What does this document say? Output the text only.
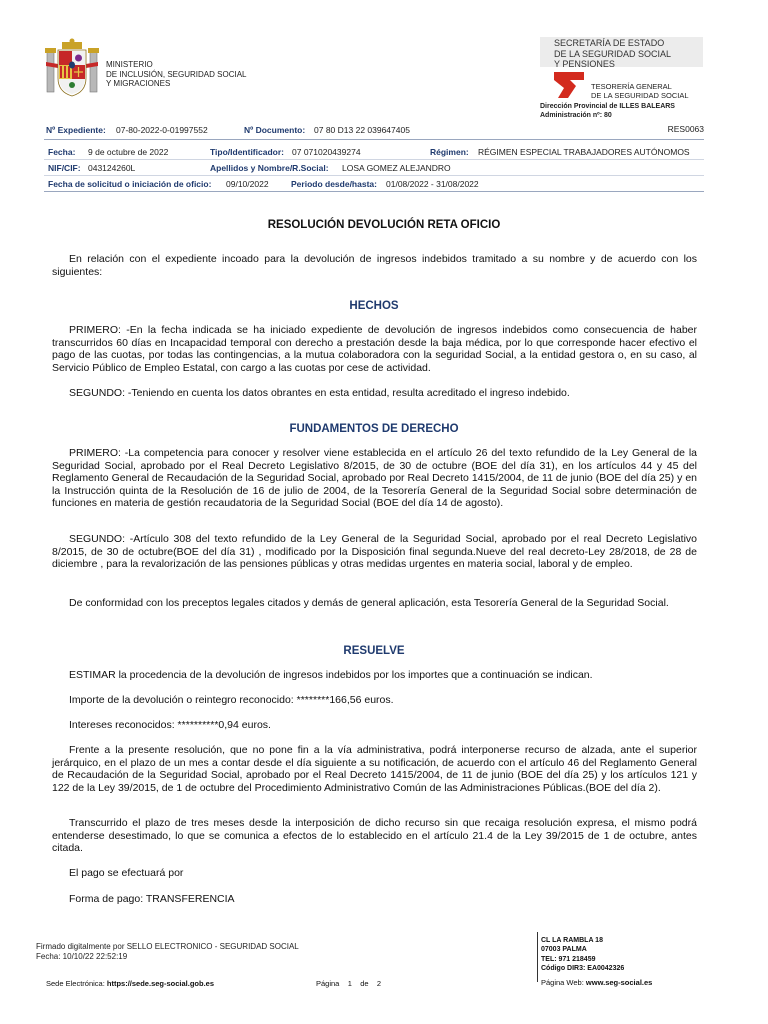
MINISTERIO
DE INCLUSIÓN, SEGURIDAD SOCIAL
Y MIGRACIONES
SECRETARÍA DE ESTADO
DE LA SEGURIDAD SOCIAL
Y PENSIONES
TESORERÍA GENERAL
DE LA SEGURIDAD SOCIAL
Dirección Provincial de ILLES BALEARS
Administración nº: 80
Nº Expediente: 07-80-2022-0-01997552	Nº Documento: 07 80 D13 22 039647405	RES0063
Fecha: 9 de octubre de 2022	Tipo/Identificador: 07 071020439274	Régimen: RÉGIMEN ESPECIAL TRABAJADORES AUTÓNOMOS
NIF/CIF: 043124260L	Apellidos y Nombre/R.Social: LOSA GOMEZ ALEJANDRO
Fecha de solicitud o iniciación de oficio: 09/10/2022	Periodo desde/hasta: 01/08/2022 - 31/08/2022
RESOLUCIÓN DEVOLUCIÓN RETA OFICIO
En relación con el expediente incoado para la devolución de ingresos indebidos tramitado a su nombre y de acuerdo con los siguientes:
HECHOS
PRIMERO: -En la fecha indicada se ha iniciado expediente de devolución de ingresos indebidos como consecuencia de haber transcurridos 60 días en Incapacidad temporal con derecho a prestación desde la baja médica, por lo que corresponde hacer efectivo el pago de las cuotas, por todas las contingencias, a la mutua colaboradora con la seguridad Social, a la entidad gestora o, en su caso, al Servicio Público de Empleo Estatal, con cargo a las cuotas por cese de actividad.
SEGUNDO: -Teniendo en cuenta los datos obrantes en esta entidad, resulta acreditado el ingreso indebido.
FUNDAMENTOS DE DERECHO
PRIMERO: -La competencia para conocer y resolver viene establecida en el artículo 26 del texto refundido de la Ley General de la Seguridad Social, aprobado por el Real Decreto Legislativo 8/2015, de 30 de octubre (BOE del día 31), en los artículos 44 y 45 del Reglamento General de Recaudación de la Seguridad Social, aprobado por Real Decreto 1415/2004, de 11 de junio (BOE del día 25) y en la Instrucción quinta de la Resolución de 16 de julio de 2004, de la Tesorería General de la Seguridad Social sobre determinación de funciones en materia de gestión recaudatoria de la Seguridad Social (BOE del día 14 de agosto).
SEGUNDO: -Artículo 308 del texto refundido de la Ley General de la Seguridad Social, aprobado por el real Decreto Legislativo 8/2015, de 30 de octubre(BOE del día 31) , modificado por la Disposición final segunda.Nueve del real decreto-Ley 28/2018, de 28 de diciembre , para la revalorización de las pensiones públicas y otras medidas urgentes en materia social, laboral y de empleo.
De conformidad con los preceptos legales citados y demás de general aplicación, esta Tesorería General de la Seguridad Social.
RESUELVE
ESTIMAR la procedencia de la devolución de ingresos indebidos por los importes que a continuación se indican.
Importe de la devolución o reintegro reconocido: ********166,56 euros.
Intereses reconocidos: **********0,94 euros.
Frente a la presente resolución, que no pone fin a la vía administrativa, podrá interponerse recurso de alzada, ante el superior jerárquico, en el plazo de un mes a contar desde el día siguiente a su notificación, de acuerdo con el artículo 46 del Reglamento General de Recaudación de la Seguridad Social, aprobado por el Real Decreto 1415/2004, de 11 de junio (BOE del día 25) y los artículos 121 y 122 de la Ley 39/2015, de 1 de octubre del Procedimiento Administrativo Común de las Administraciones Públicas.(BOE del día 2).
Transcurrido el plazo de tres meses desde la interposición de dicho recurso sin que recaiga resolución expresa, el mismo podrá entenderse desestimado, lo que se comunica a efectos de lo establecido en el artículo 21.4 de la Ley 39/2015 de 1 de octubre, antes citada.
El pago se efectuará por
Forma de pago: TRANSFERENCIA
Firmado digitalmente por SELLO ELECTRONICO - SEGURIDAD SOCIAL
Fecha: 10/10/22 22:52:19
CL LA RAMBLA 18
07003 PALMA
TEL: 971 218459
Código DIR3: EA0042326
Sede Electrónica: https://sede.seg-social.gob.es	Página 1 de 2	Página Web: www.seg-social.es
